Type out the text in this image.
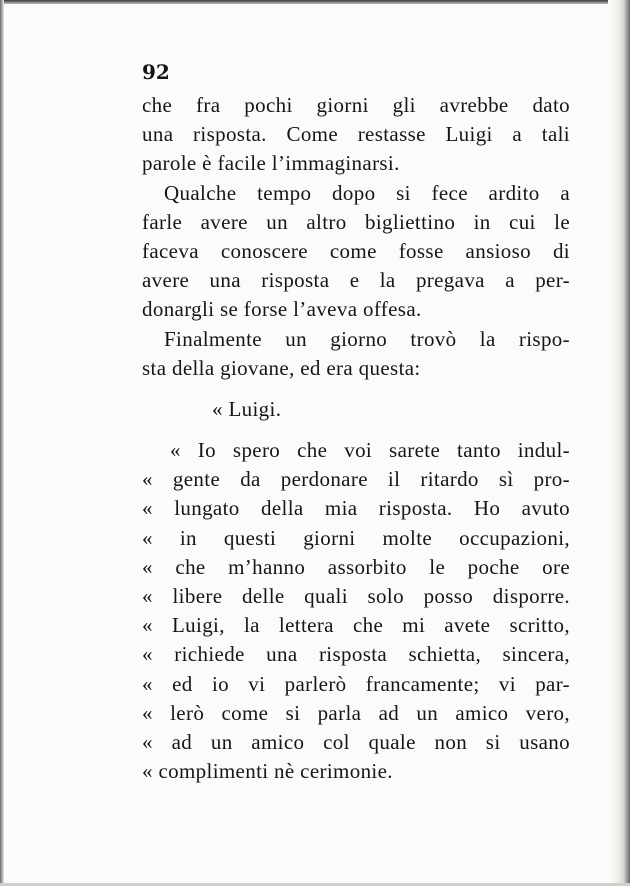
92
che fra pochi giorni gli avrebbe dato
una risposta. Come restasse Luigi a tali
parole è facile l’immaginarsi.
Qualche tempo dopo si fece ardito a
farle avere un altro bigliettino in cui le
faceva conoscere come fosse ansioso di
avere una risposta e la pregava a per-
donargli se forse l’aveva offesa.
Finalmente un giorno trovò la rispo-
sta della giovane, ed era questa:
« Luigi.
« Io spero che voi sarete tanto indul-
« gente da perdonare il ritardo sì pro-
« lungato della mia risposta. Ho avuto
« in questi giorni molte occupazioni,
« che m’hanno assorbito le poche ore
« libere delle quali solo posso disporre.
« Luigi, la lettera che mi avete scritto,
« richiede una risposta schietta, sincera,
« ed io vi parlerò francamente; vi par-
« lerò come si parla ad un amico vero,
« ad un amico col quale non si usano
« complimenti nè cerimonie.
